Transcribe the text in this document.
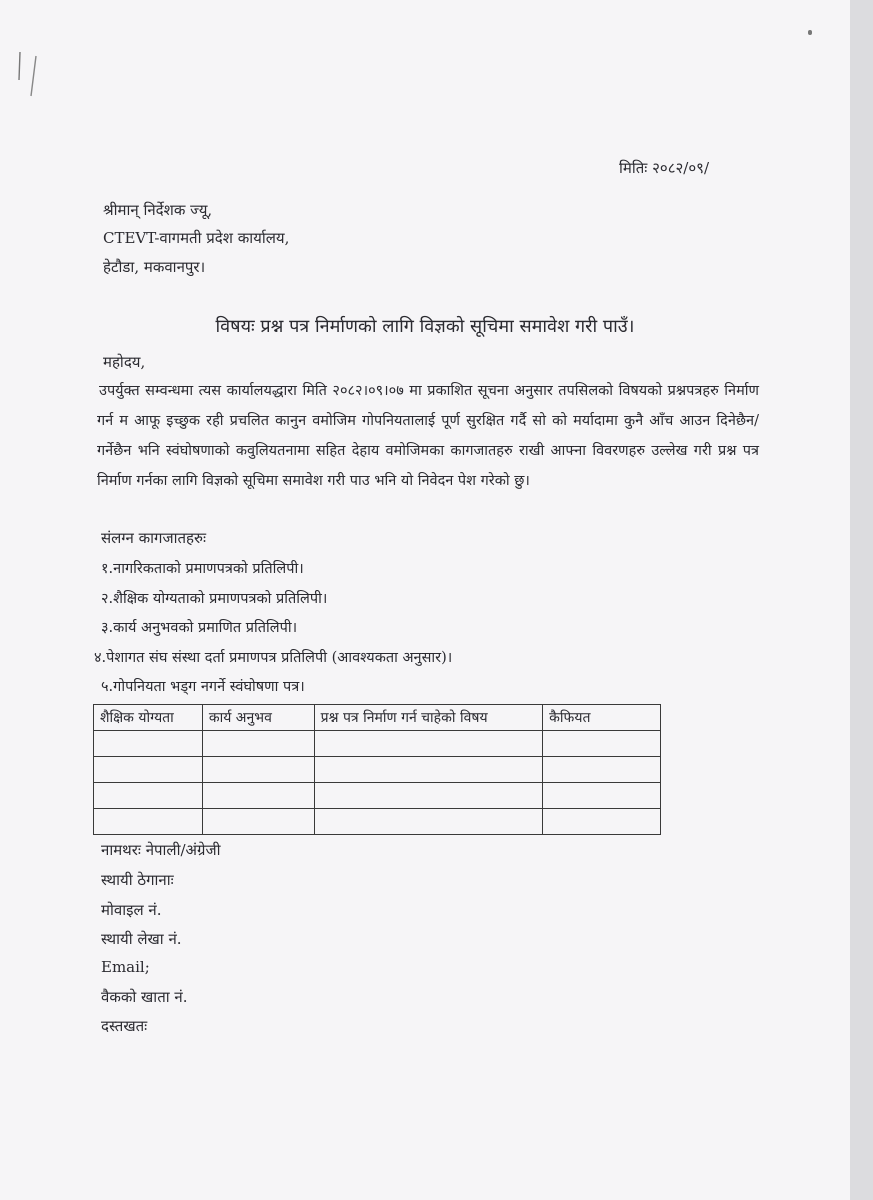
मितिः २०८२/०९/
श्रीमान् निर्देशक ज्यू,
CTEVT-वागमती प्रदेश कार्यालय,
हेटौडा, मकवानपुर।
विषयः प्रश्न पत्र निर्माणको लागि विज्ञको सूचिमा समावेश गरी पाउँ।
महोदय,
उपर्युक्त सम्वन्धमा त्यस कार्यालयद्धारा मिति २०८२।०९।०७ मा प्रकाशित सूचना अनुसार तपसिलको विषयको प्रश्नपत्रहरु निर्माण गर्न म आफू इच्छुक रही प्रचलित कानुन वमोजिम गोपनियतालाई पूर्ण सुरक्षित गर्दै सो को मर्यादामा कुनै आँच आउन दिनेछैन/गर्नेछैन भनि स्वंघोषणाको कवुलियतनामा सहित देहाय वमोजिमका कागजातहरु राखी आफ्ना विवरणहरु उल्लेख गरी प्रश्न पत्र निर्माण गर्नका लागि विज्ञको सूचिमा समावेश गरी पाउ भनि यो निवेदन पेश गरेको छु।
संलग्न कागजातहरुः
१.नागरिकताको प्रमाणपत्रको प्रतिलिपी।
२.शैक्षिक योग्यताको प्रमाणपत्रको प्रतिलिपी।
३.कार्य अनुभवको प्रमाणित प्रतिलिपी।
४.पेशागत संघ संस्था दर्ता प्रमाणपत्र प्रतिलिपी (आवश्यकता अनुसार)।
५.गोपनियता भड्ग नगर्ने स्वंघोषणा पत्र।
शैक्षिक योग्यता	कार्य अनुभव	प्रश्न पत्र निर्माण गर्न चाहेको विषय	कैफियत

नामथरः नेपाली/अंग्रेजी
स्थायी ठेगानाः
मोवाइल नं.
स्थायी लेखा नं.
Email;
वैकको खाता नं.
दस्तखतः
